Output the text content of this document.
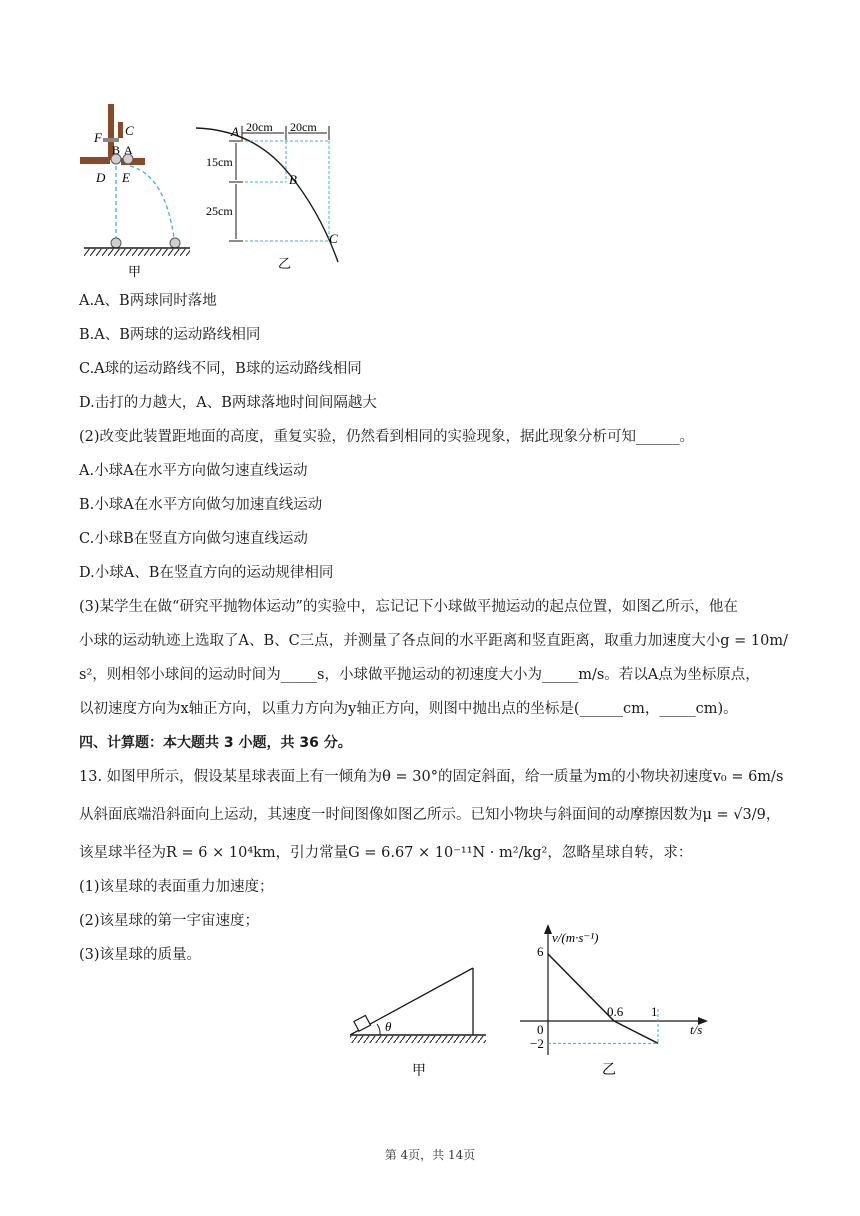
F C
B A
D E
甲
20cm 20cm
15cm
25cm
A
B
C
乙
A.A、B两球同时落地
B.A、B两球的运动路线相同
C.A球的运动路线不同，B球的运动路线相同
D.击打的力越大，A、B两球落地时间间隔越大
(2)改变此装置距地面的高度，重复实验，仍然看到相同的实验现象，据此现象分析可知______。
A.小球A在水平方向做匀速直线运动
B.小球A在水平方向做匀加速直线运动
C.小球B在竖直方向做匀速直线运动
D.小球A、B在竖直方向的运动规律相同
(3)某学生在做“研究平抛物体运动”的实验中，忘记记下小球做平抛运动的起点位置，如图乙所示，他在
小球的运动轨迹上选取了A、B、C三点，并测量了各点间的水平距离和竖直距离，取重力加速度大小g = 10m/
s²，则相邻小球间的运动时间为_____s，小球做平抛运动的初速度大小为_____m/s。若以A点为坐标原点，
以初速度方向为x轴正方向，以重力方向为y轴正方向，则图中抛出点的坐标是(______cm，_____cm)。
四、计算题：本大题共 3 小题，共 36 分。
13. 如图甲所示，假设某星球表面上有一倾角为θ = 30°的固定斜面，给一质量为m的小物块初速度v₀ = 6m/s
从斜面底端沿斜面向上运动，其速度一时间图像如图乙所示。已知小物块与斜面间的动摩擦因数为μ = √3/9，
该星球半径为R = 6 × 10⁴km，引力常量G = 6.67 × 10⁻¹¹N · m²/kg²，忽略星球自转，求：
(1)该星球的表面重力加速度；
(2)该星球的第一宇宙速度；
(3)该星球的质量。
θ
甲
v/(m·s⁻¹)
t/s
6
0
−2
0.6 1
乙
第 4页，共 14页
